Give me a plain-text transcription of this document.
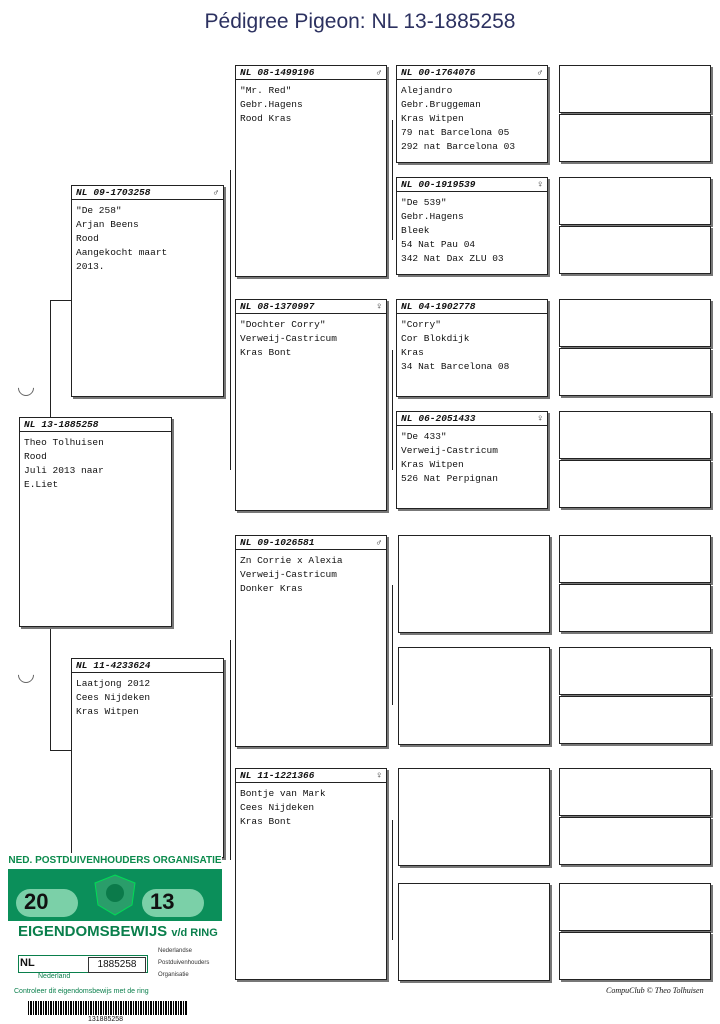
Pédigree Pigeon: NL 13-1885258
NL 13-1885258
Theo Tolhuisen
Rood
Juli 2013 naar
E.Liet
NL 09-1703258	♂
"De 258"
Arjan Beens
Rood
Aangekocht maart
2013.
NL 11-4233624
Laatjong 2012
Cees Nijdeken
Kras Witpen
NL 08-1499196	♂
"Mr. Red"
Gebr.Hagens
Rood Kras
NL 08-1370997	♀
"Dochter Corry"
Verweij-Castricum
Kras Bont
NL 09-1026581	♂
Zn Corrie x Alexia
Verweij-Castricum
Donker Kras
NL 11-1221366	♀
Bontje van Mark
Cees Nijdeken
Kras Bont
NL 00-1764076	♂
Alejandro
Gebr.Bruggeman
Kras Witpen
79 nat Barcelona 05
292 nat Barcelona 03
NL 00-1919539	♀
"De 539"
Gebr.Hagens
Bleek
54 Nat Pau 04
342 Nat Dax ZLU 03
NL 04-1902778
"Corry"
Cor Blokdijk
Kras
34 Nat Barcelona 08
NL 06-2051433	♀
"De 433"
Verweij-Castricum
Kras Witpen
526 Nat Perpignan
CompuClub © Theo Tolhuisen
NED. POSTDUIVENHOUDERS ORGANISATIE
20	13
EIGENDOMSBEWIJS v/d RING
NL	1885258
Nederland
Nederlandse
Postduivenhouders
Organisatie
Controleer dit eigendomsbewijs met de ring
131885258
